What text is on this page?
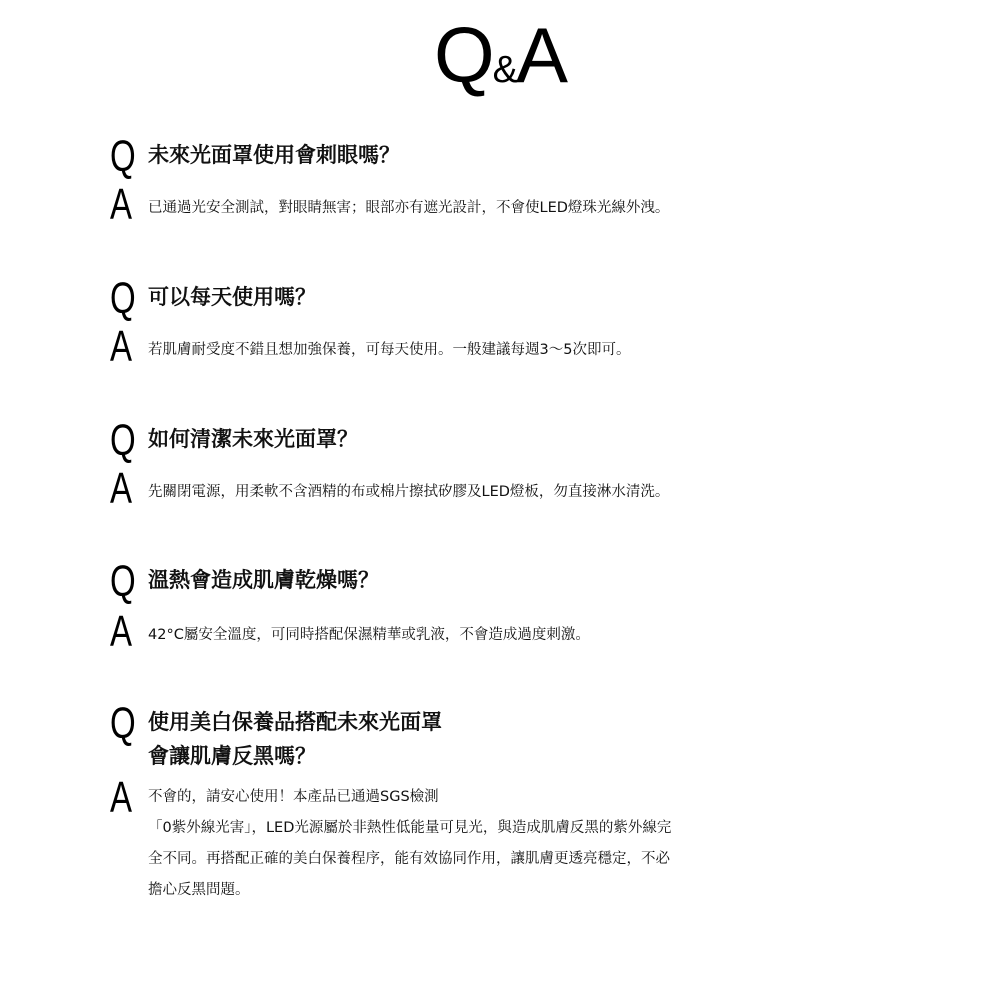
Q&A
Q 未來光面罩使用會刺眼嗎？
A 已通過光安全測試，對眼睛無害；眼部亦有遮光設計，不會使LED燈珠光線外洩。
Q 可以每天使用嗎？
A 若肌膚耐受度不錯且想加強保養，可每天使用。一般建議每週3～5次即可。
Q 如何清潔未來光面罩？
A 先關閉電源，用柔軟不含酒精的布或棉片擦拭矽膠及LED燈板，勿直接淋水清洗。
Q 溫熱會造成肌膚乾燥嗎？
A 42°C屬安全溫度，可同時搭配保濕精華或乳液，不會造成過度刺激。
Q 使用美白保養品搭配未來光面罩
會讓肌膚反黑嗎？
A 不會的，請安心使用！本產品已通過SGS檢測
「0紫外線光害」，LED光源屬於非熱性低能量可見光，與造成肌膚反黑的紫外線完
全不同。再搭配正確的美白保養程序，能有效協同作用，讓肌膚更透亮穩定，不必
擔心反黑問題。
